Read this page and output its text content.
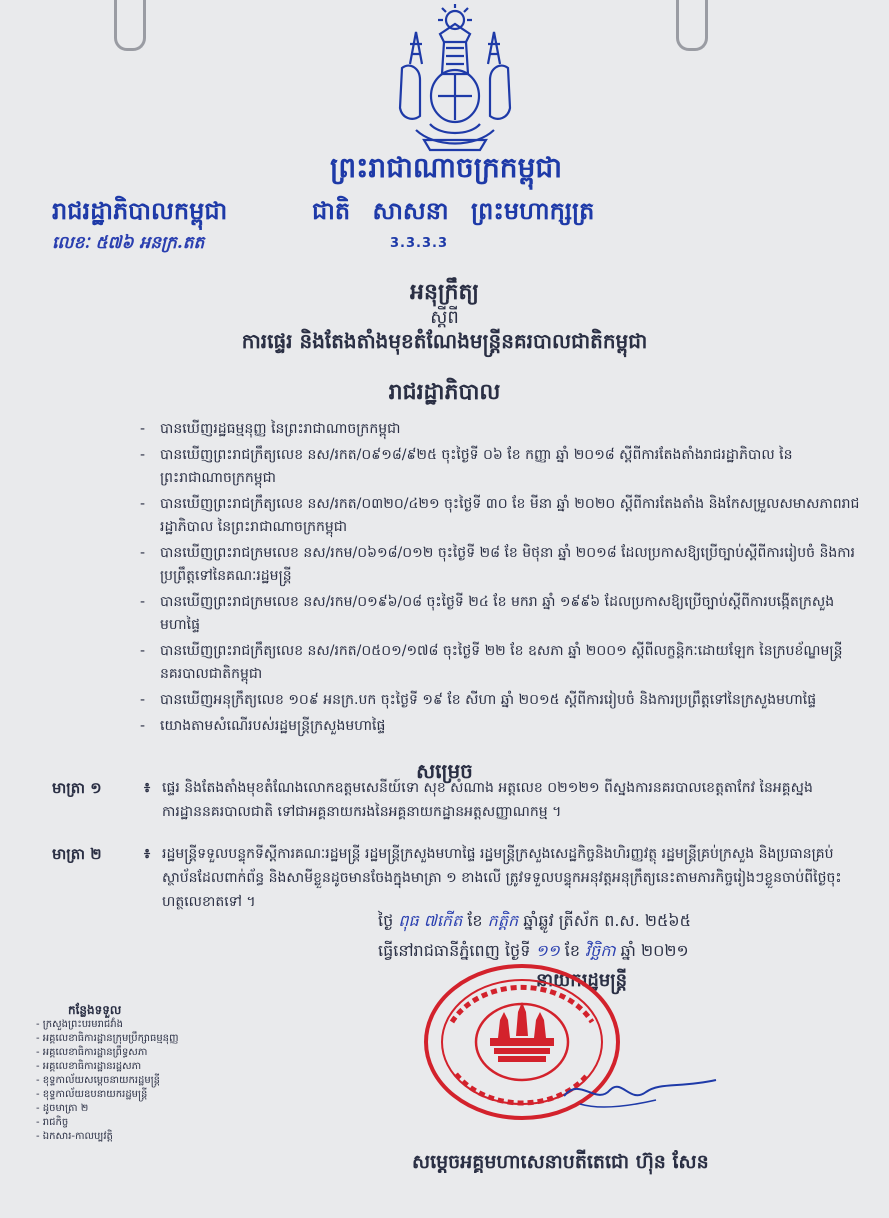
ព្រះរាជាណាចក្រកម្ពុជា
រាជរដ្ឋាភិបាលកម្ពុជា	ជាតិ សាសនា ព្រះមហាក្សត្រ
លេខៈ ៥៧៦ អនក្រ.តត	3.3.3.3
អនុក្រឹត្យ
ស្តីពី
ការផ្ទេរ និងតែងតាំងមុខតំណែងមន្ត្រីនគរបាលជាតិកម្ពុជា
រាជរដ្ឋាភិបាល
- បានឃើញរដ្ឋធម្មនុញ្ញ នៃព្រះរាជាណាចក្រកម្ពុជា
- បានឃើញព្រះរាជក្រឹត្យលេខ នស/រកត/០៩១៨/៩២៥ ចុះថ្ងៃទី ០៦ ខែ កញ្ញា ឆ្នាំ ២០១៨ ស្តីពីការតែងតាំងរាជរដ្ឋាភិបាល នៃព្រះរាជាណាចក្រកម្ពុជា
- បានឃើញព្រះរាជក្រឹត្យលេខ នស/រកត/០៣២០/៤២១ ចុះថ្ងៃទី ៣០ ខែ មីនា ឆ្នាំ ២០២០ ស្តីពីការតែងតាំង និងកែសម្រួលសមាសភាពរាជរដ្ឋាភិបាល នៃព្រះរាជាណាចក្រកម្ពុជា
- បានឃើញព្រះរាជក្រមលេខ នស/រកម/០៦១៨/០១២ ចុះថ្ងៃទី ២៨ ខែ មិថុនា ឆ្នាំ ២០១៨ ដែលប្រកាសឱ្យប្រើច្បាប់ស្តីពីការរៀបចំ និងការប្រព្រឹត្តទៅនៃគណៈរដ្ឋមន្ត្រី
- បានឃើញព្រះរាជក្រមលេខ នស/រកម/០១៩៦/០៨ ចុះថ្ងៃទី ២៤ ខែ មករា ឆ្នាំ ១៩៩៦ ដែលប្រកាសឱ្យប្រើច្បាប់ស្តីពីការបង្កើតក្រសួងមហាផ្ទៃ
- បានឃើញព្រះរាជក្រឹត្យលេខ នស/រកត/០៥០១/១៧៨ ចុះថ្ងៃទី ២២ ខែ ឧសភា ឆ្នាំ ២០០១ ស្តីពីលក្ខន្តិកៈដោយឡែក នៃក្របខ័ណ្ឌមន្ត្រីនគរបាលជាតិកម្ពុជា
- បានឃើញអនុក្រឹត្យលេខ ១០៩ អនក្រ.បក ចុះថ្ងៃទី ១៩ ខែ សីហា ឆ្នាំ ២០១៥ ស្តីពីការរៀបចំ និងការប្រព្រឹត្តទៅនៃក្រសួងមហាផ្ទៃ
- យោងតាមសំណើរបស់រដ្ឋមន្ត្រីក្រសួងមហាផ្ទៃ
សម្រេច
មាត្រា ១	៖ ផ្ទេរ និងតែងតាំងមុខតំណែងលោកឧត្តមសេនីយ៍ទោ សុខ សំណាង អត្តលេខ ០២១២១ ពីស្នងការនគរបាលខេត្តតាកែវ នៃអគ្គស្នងការដ្ឋាននគរបាលជាតិ ទៅជាអគ្គនាយករងនៃអគ្គនាយកដ្ឋានអត្តសញ្ញាណកម្ម ។
មាត្រា ២	៖ រដ្ឋមន្ត្រីទទួលបន្ទុកទីស្តីការគណៈរដ្ឋមន្ត្រី រដ្ឋមន្ត្រីក្រសួងមហាផ្ទៃ រដ្ឋមន្ត្រីក្រសួងសេដ្ឋកិច្ចនិងហិរញ្ញវត្ថុ រដ្ឋមន្ត្រីគ្រប់ក្រសួង និងប្រធានគ្រប់ស្ថាប័នដែលពាក់ព័ន្ធ និងសាមីខ្លួនដូចមានចែងក្នុងមាត្រា ១ ខាងលើ ត្រូវទទួលបន្ទុកអនុវត្តអនុក្រឹត្យនេះតាមភារកិច្ចរៀងៗខ្លួនចាប់ពីថ្ងៃចុះហត្ថលេខាតទៅ ។
ថ្ងៃ ពុធ ៧កើត ខែ កត្តិក ឆ្នាំឆ្លូវ ត្រីស័ក ព.ស. ២៥៦៥
ធ្វើនៅរាជធានីភ្នំពេញ ថ្ងៃទី ១១ ខែ វិច្ឆិកា ឆ្នាំ ២០២១
នាយករដ្ឋមន្ត្រី
កន្លែងទទួល
- ក្រសួងព្រះបរមរាជវាំង
- អគ្គលេខាធិការដ្ឋានក្រុមប្រឹក្សាធម្មនុញ្ញ
- អគ្គលេខាធិការដ្ឋានព្រឹទ្ធសភា
- អគ្គលេខាធិការដ្ឋានរដ្ឋសភា
- ខុទ្ទកាល័យសម្តេចនាយករដ្ឋមន្ត្រី
- ខុទ្ទកាល័យឧបនាយករដ្ឋមន្ត្រី
- ដូចមាត្រា ២
- រាជកិច្ច
- ឯកសារ-កាលប្បវត្តិ
សម្តេចអគ្គមហាសេនាបតីតេជោ ហ៊ុន សែន
